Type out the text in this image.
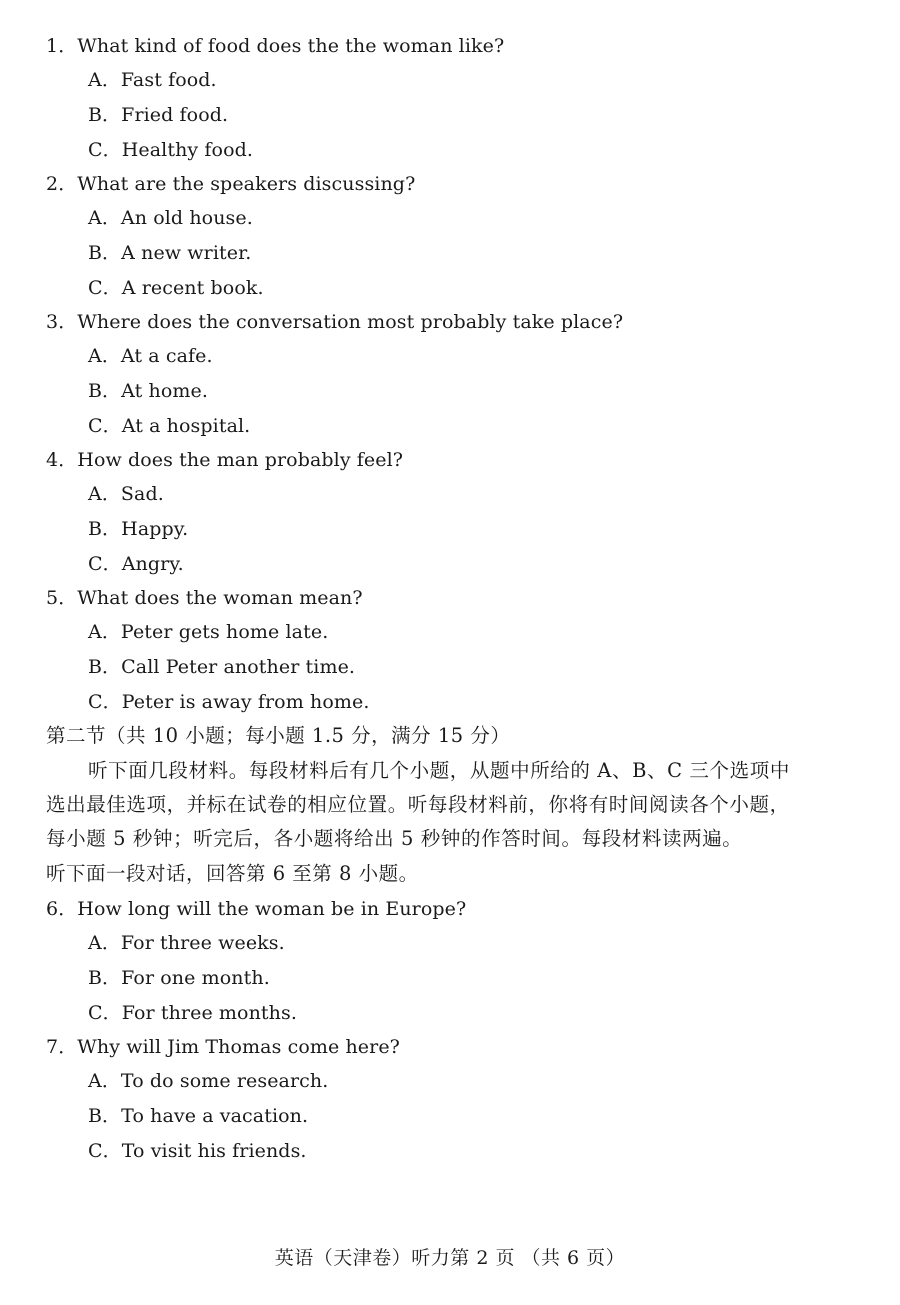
1．What kind of food does the the woman like?
A．Fast food.
B．Fried food.
C．Healthy food.
2．What are the speakers discussing?
A．An old house.
B．A new writer.
C．A recent book.
3．Where does the conversation most probably take place?
A．At a cafe.
B．At home.
C．At a hospital.
4．How does the man probably feel?
A．Sad.
B．Happy.
C．Angry.
5．What does the woman mean?
A．Peter gets home late.
B．Call Peter another time.
C．Peter is away from home.
第二节（共 10 小题；每小题 1.5 分，满分 15 分）
听下面几段材料。每段材料后有几个小题，从题中所给的 A、B、C 三个选项中
选出最佳选项，并标在试卷的相应位置。听每段材料前，你将有时间阅读各个小题，
每小题 5 秒钟；听完后，各小题将给出 5 秒钟的作答时间。每段材料读两遍。
听下面一段对话，回答第 6 至第 8 小题。
6．How long will the woman be in Europe?
A．For three weeks.
B．For one month.
C．For three months.
7．Why will Jim Thomas come here?
A．To do some research.
B．To have a vacation.
C．To visit his friends.
英语（天津卷）听力第 2 页 （共 6 页）
